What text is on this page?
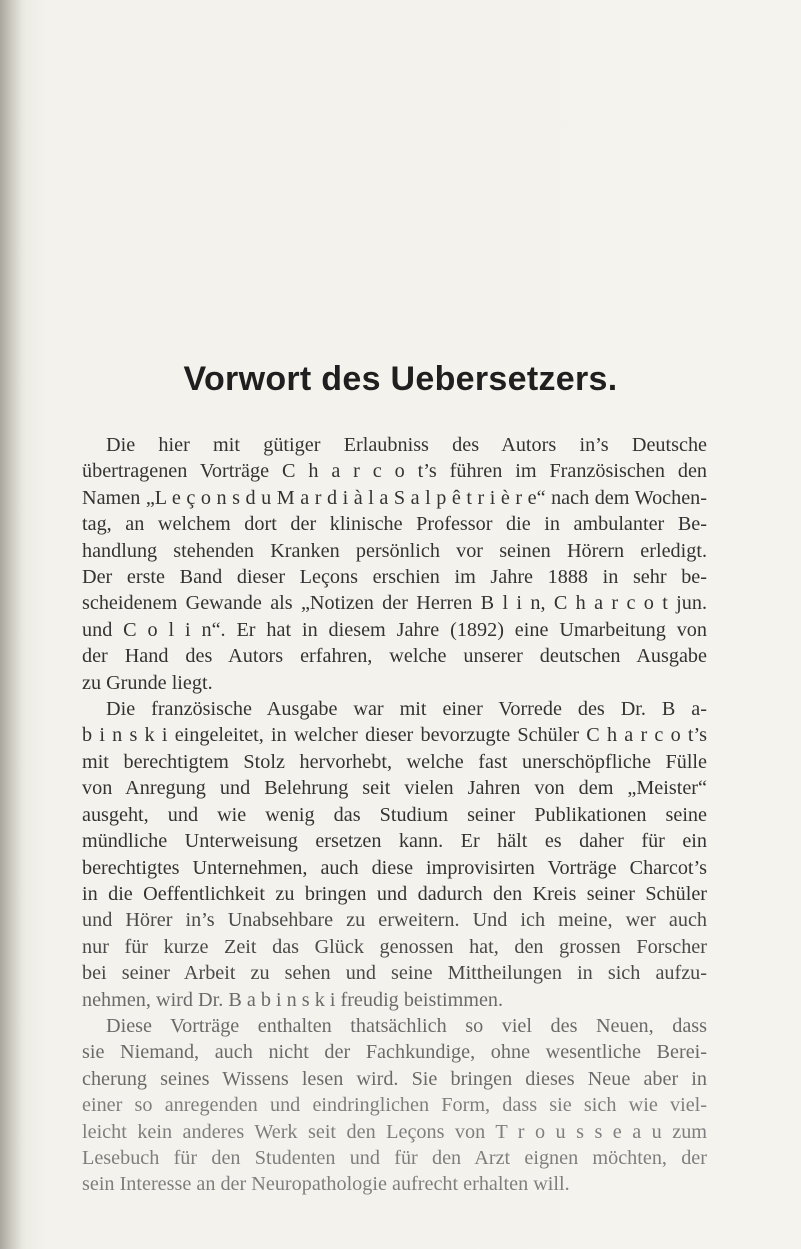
Vorwort des Uebersetzers.
Die hier mit gütiger Erlaubniss des Autors in’s Deutsche
übertragenen Vorträge C h a r c o t’s führen im Französischen den
Namen „L e ç o n s d u M a r d i à l a S a l p ê t r i è r e“ nach dem Wochen-
tag, an welchem dort der klinische Professor die in ambulanter Be-
handlung stehenden Kranken persönlich vor seinen Hörern erledigt.
Der erste Band dieser Leçons erschien im Jahre 1888 in sehr be-
scheidenem Gewande als „Notizen der Herren B l i n, C h a r c o t jun.
und C o l i n“. Er hat in diesem Jahre (1892) eine Umarbeitung von
der Hand des Autors erfahren, welche unserer deutschen Ausgabe
zu Grunde liegt.
Die französische Ausgabe war mit einer Vorrede des Dr. B a-
b i n s k i eingeleitet, in welcher dieser bevorzugte Schüler C h a r c o t’s
mit berechtigtem Stolz hervorhebt, welche fast unerschöpfliche Fülle
von Anregung und Belehrung seit vielen Jahren von dem „Meister“
ausgeht, und wie wenig das Studium seiner Publikationen seine
mündliche Unterweisung ersetzen kann. Er hält es daher für ein
berechtigtes Unternehmen, auch diese improvisirten Vorträge Charcot’s
in die Oeffentlichkeit zu bringen und dadurch den Kreis seiner Schüler
und Hörer in’s Unabsehbare zu erweitern. Und ich meine, wer auch
nur für kurze Zeit das Glück genossen hat, den grossen Forscher
bei seiner Arbeit zu sehen und seine Mittheilungen in sich aufzu-
nehmen, wird Dr. B a b i n s k i freudig beistimmen.
Diese Vorträge enthalten thatsächlich so viel des Neuen, dass
sie Niemand, auch nicht der Fachkundige, ohne wesentliche Berei-
cherung seines Wissens lesen wird. Sie bringen dieses Neue aber in
einer so anregenden und eindringlichen Form, dass sie sich wie viel-
leicht kein anderes Werk seit den Leçons von T r o u s s e a u zum
Lesebuch für den Studenten und für den Arzt eignen möchten, der
sein Interesse an der Neuropathologie aufrecht erhalten will.
